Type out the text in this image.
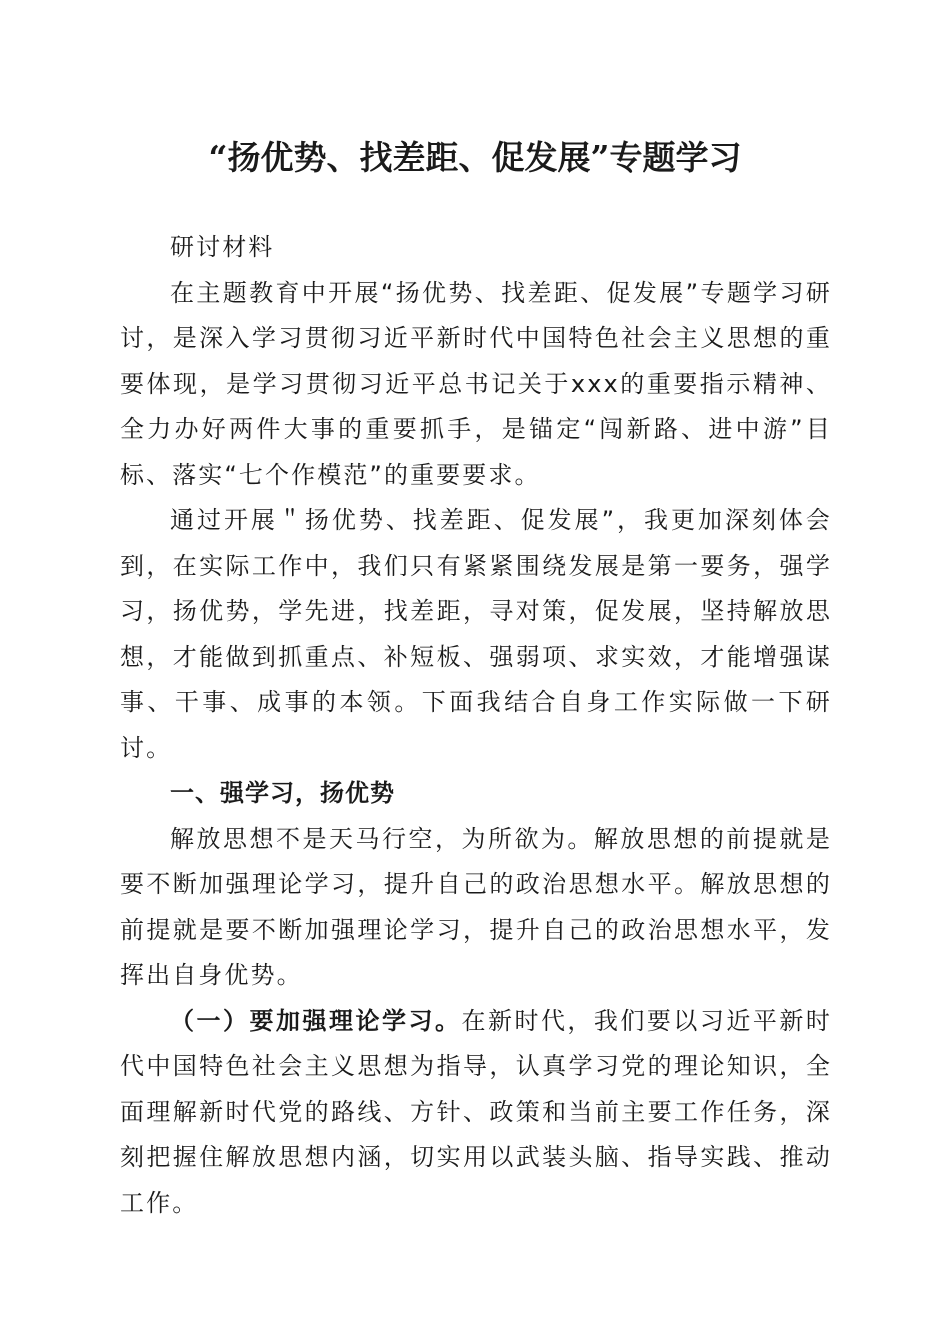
“扬优势、找差距、促发展”专题学习

研讨材料

在主题教育中开展“扬优势、找差距、促发展”专题学习研讨，是深入学习贯彻习近平新时代中国特色社会主义思想的重要体现，是学习贯彻习近平总书记关于xxx的重要指示精神、全力办好两件大事的重要抓手，是锚定“闯新路、进中游”目标、落实“七个作模范”的重要要求。

通过开展＂扬优势、找差距、促发展”，我更加深刻体会到，在实际工作中，我们只有紧紧围绕发展是第一要务，强学习，扬优势，学先进，找差距，寻对策，促发展，坚持解放思想，才能做到抓重点、补短板、强弱项、求实效，才能增强谋事、干事、成事的本领。下面我结合自身工作实际做一下研讨。

一、强学习，扬优势

解放思想不是天马行空，为所欲为。解放思想的前提就是要不断加强理论学习，提升自己的政治思想水平。解放思想的前提就是要不断加强理论学习，提升自己的政治思想水平，发挥出自身优势。

（一）要加强理论学习。在新时代，我们要以习近平新时代中国特色社会主义思想为指导，认真学习党的理论知识，全面理解新时代党的路线、方针、政策和当前主要工作任务，深刻把握住解放思想内涵，切实用以武装头脑、指导实践、推动工作。
